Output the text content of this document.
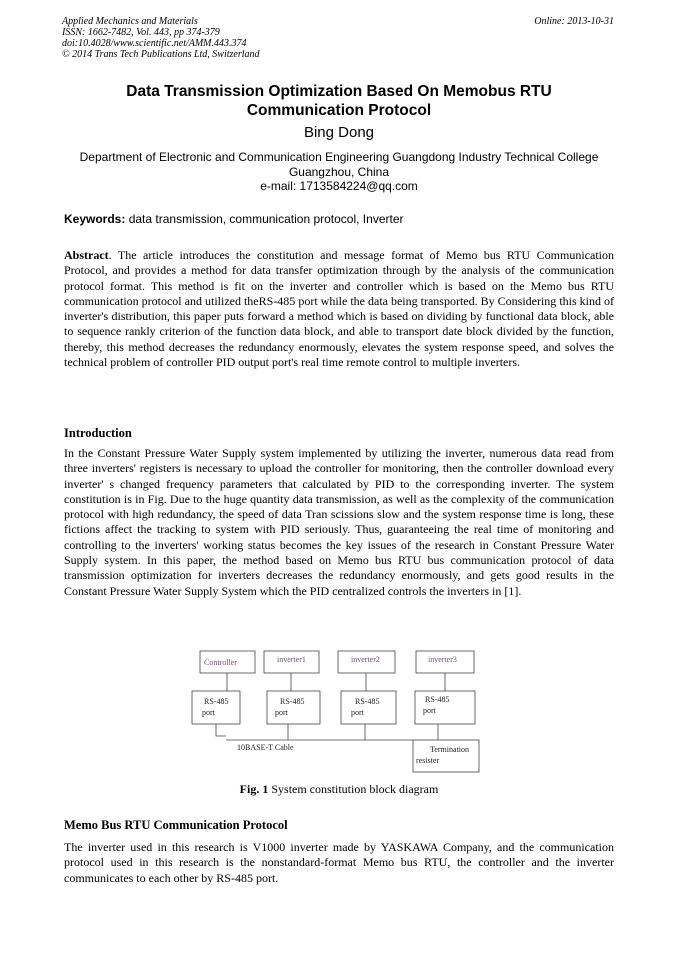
Applied Mechanics and Materials
ISSN: 1662-7482, Vol. 443, pp 374-379
doi:10.4028/www.scientific.net/AMM.443.374
© 2014 Trans Tech Publications Ltd, Switzerland
Online: 2013-10-31
Data Transmission Optimization Based On Memobus RTU
Communication Protocol
Bing Dong
Department of Electronic and Communication Engineering Guangdong Industry Technical College
Guangzhou, China
e-mail: 1713584224@qq.com
Keywords: data transmission, communication protocol, Inverter

Abstract. The article introduces the constitution and message format of Memo bus RTU Communication Protocol, and provides a method for data transfer optimization through by the analysis of the communication protocol format. This method is fit on the inverter and controller which is based on the Memo bus RTU communication protocol and utilized theRS-485 port while the data being transported. By Considering this kind of inverter's distribution, this paper puts forward a method which is based on dividing by functional data block, able to sequence rankly criterion of the function data block, and able to transport date block divided by the function, thereby, this method decreases the redundancy enormously, elevates the system response speed, and solves the technical problem of controller PID output port's real time remote control to multiple inverters.

Introduction

In the Constant Pressure Water Supply system implemented by utilizing the inverter, numerous data read from three inverters' registers is necessary to upload the controller for monitoring, then the controller download every inverter' s changed frequency parameters that calculated by PID to the corresponding inverter. The system constitution is in Fig. Due to the huge quantity data transmission, as well as the complexity of the communication protocol with high redundancy, the speed of data Tran scissions slow and the system response time is long, these fictions affect the tracking to system with PID seriously. Thus, guaranteeing the real time of monitoring and controlling to the inverters' working status becomes the key issues of the research in Constant Pressure Water Supply system. In this paper, the method based on Memo bus RTU bus communication protocol of data transmission optimization for inverters decreases the redundancy enormously, and gets good results in the Constant Pressure Water Supply System which the PID centralized controls the inverters in [1].

Controller	inverter1	inverter2	inverter3
RS-485
port
RS-485
port
RS-485
port
RS-485
port
10BASE-T Cable	Termination
resister
Fig. 1 System constitution block diagram
Memo Bus RTU Communication Protocol

The inverter used in this research is V1000 inverter made by YASKAWA Company, and the communication protocol used in this research is the nonstandard-format Memo bus RTU, the controller and the inverter communicates to each other by RS-485 port.
